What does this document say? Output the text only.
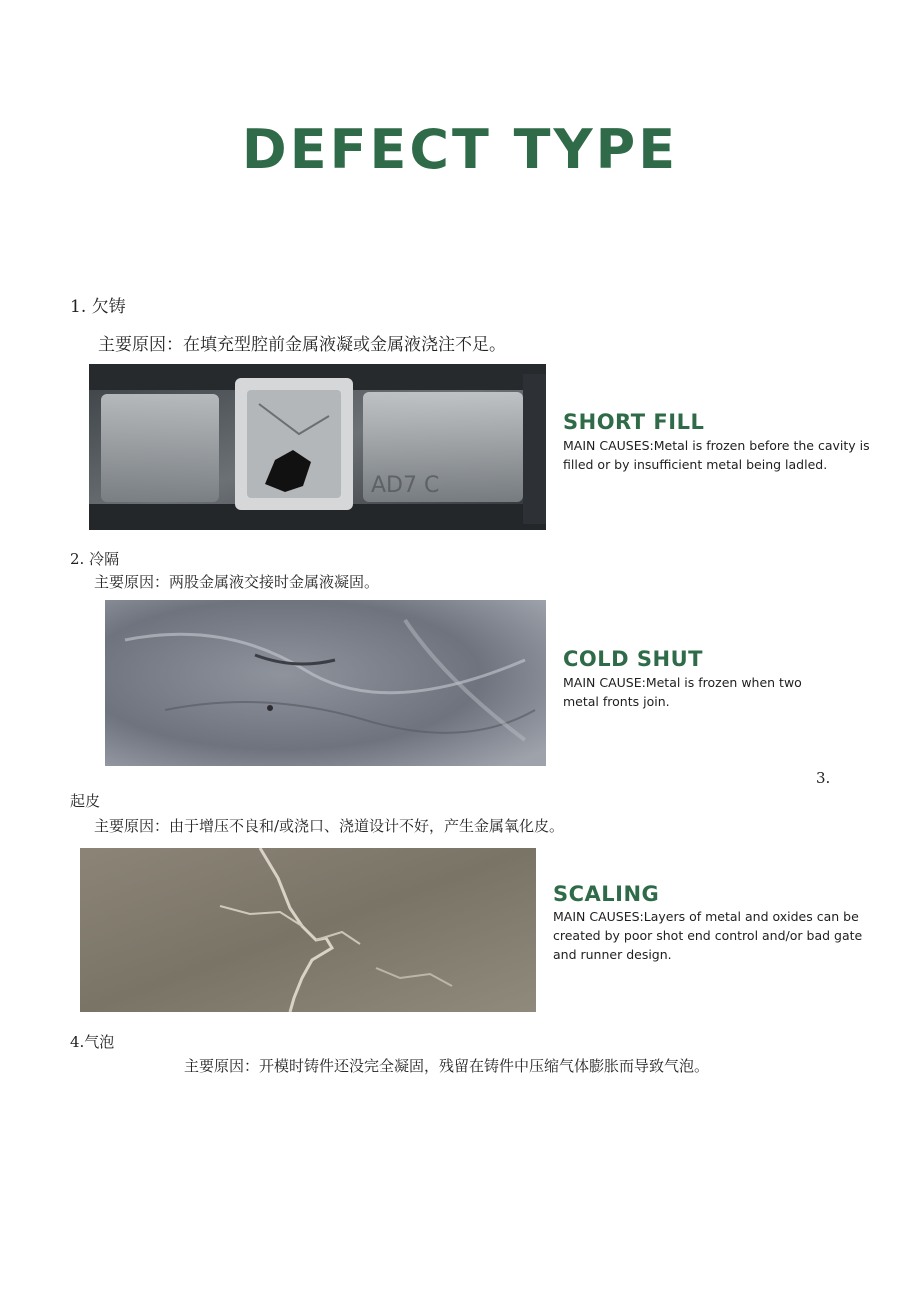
DEFECT TYPE
1. 欠铸
主要原因：在填充型腔前金属液凝或金属液浇注不足。
AD7 C
SHORT FILL
MAIN CAUSES:Metal is frozen before the cavity is filled or by insufficient metal being ladled.
2. 冷隔
主要原因：两股金属液交接时金属液凝固。
COLD SHUT
MAIN CAUSE:Metal is frozen when two metal fronts join.
3.
起皮
主要原因：由于增压不良和/或浇口、浇道设计不好，产生金属氧化皮。
SCALING
MAIN CAUSES:Layers of metal and oxides can be created by poor shot end control and/or bad gate and runner design.
4.气泡
主要原因：开模时铸件还没完全凝固，残留在铸件中压缩气体膨胀而导致气泡。
